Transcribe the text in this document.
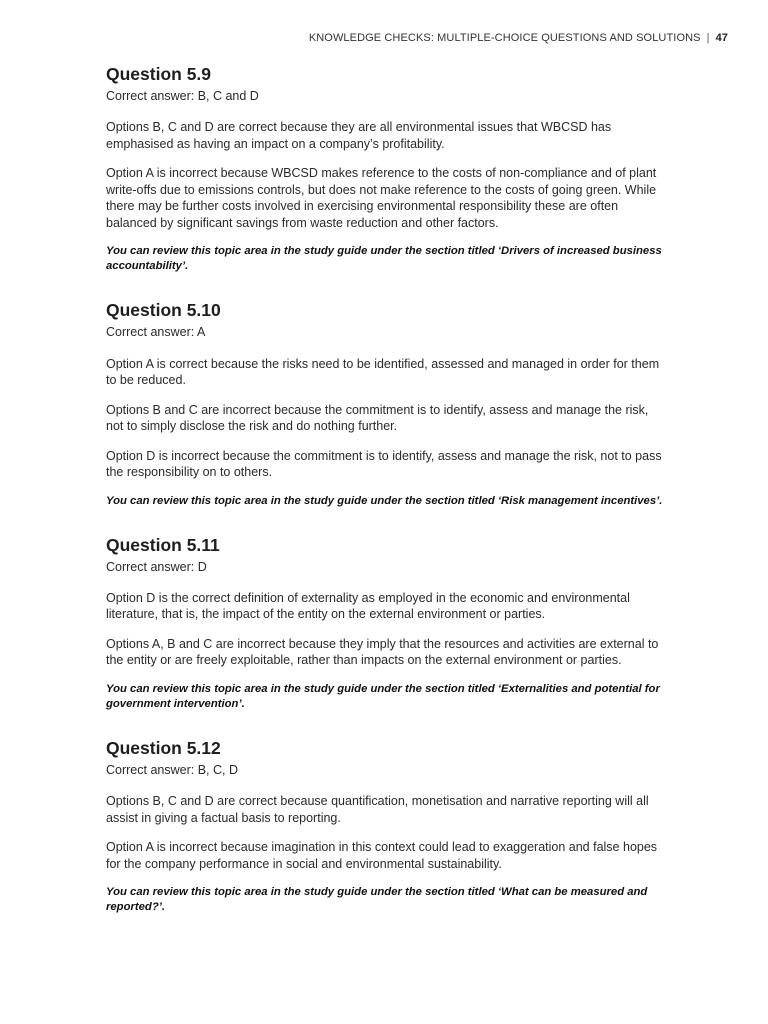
KNOWLEDGE CHECKS: MULTIPLE-CHOICE QUESTIONS AND SOLUTIONS | 47
Question 5.9
Correct answer: B, C and D

Options B, C and D are correct because they are all environmental issues that WBCSD has emphasised as having an impact on a company’s profitability.

Option A is incorrect because WBCSD makes reference to the costs of non-compliance and of plant write-offs due to emissions controls, but does not make reference to the costs of going green. While there may be further costs involved in exercising environmental responsibility these are often balanced by significant savings from waste reduction and other factors.

You can review this topic area in the study guide under the section titled ‘Drivers of increased business accountability’.
Question 5.10
Correct answer: A

Option A is correct because the risks need to be identified, assessed and managed in order for them to be reduced.

Options B and C are incorrect because the commitment is to identify, assess and manage the risk, not to simply disclose the risk and do nothing further.

Option D is incorrect because the commitment is to identify, assess and manage the risk, not to pass the responsibility on to others.

You can review this topic area in the study guide under the section titled ‘Risk management incentives’.
Question 5.11
Correct answer: D

Option D is the correct definition of externality as employed in the economic and environmental literature, that is, the impact of the entity on the external environment or parties.

Options A, B and C are incorrect because they imply that the resources and activities are external to the entity or are freely exploitable, rather than impacts on the external environment or parties.

You can review this topic area in the study guide under the section titled ‘Externalities and potential for government intervention’.
Question 5.12
Correct answer: B, C, D

Options B, C and D are correct because quantification, monetisation and narrative reporting will all assist in giving a factual basis to reporting.

Option A is incorrect because imagination in this context could lead to exaggeration and false hopes for the company performance in social and environmental sustainability.

You can review this topic area in the study guide under the section titled ‘What can be measured and reported?’.
